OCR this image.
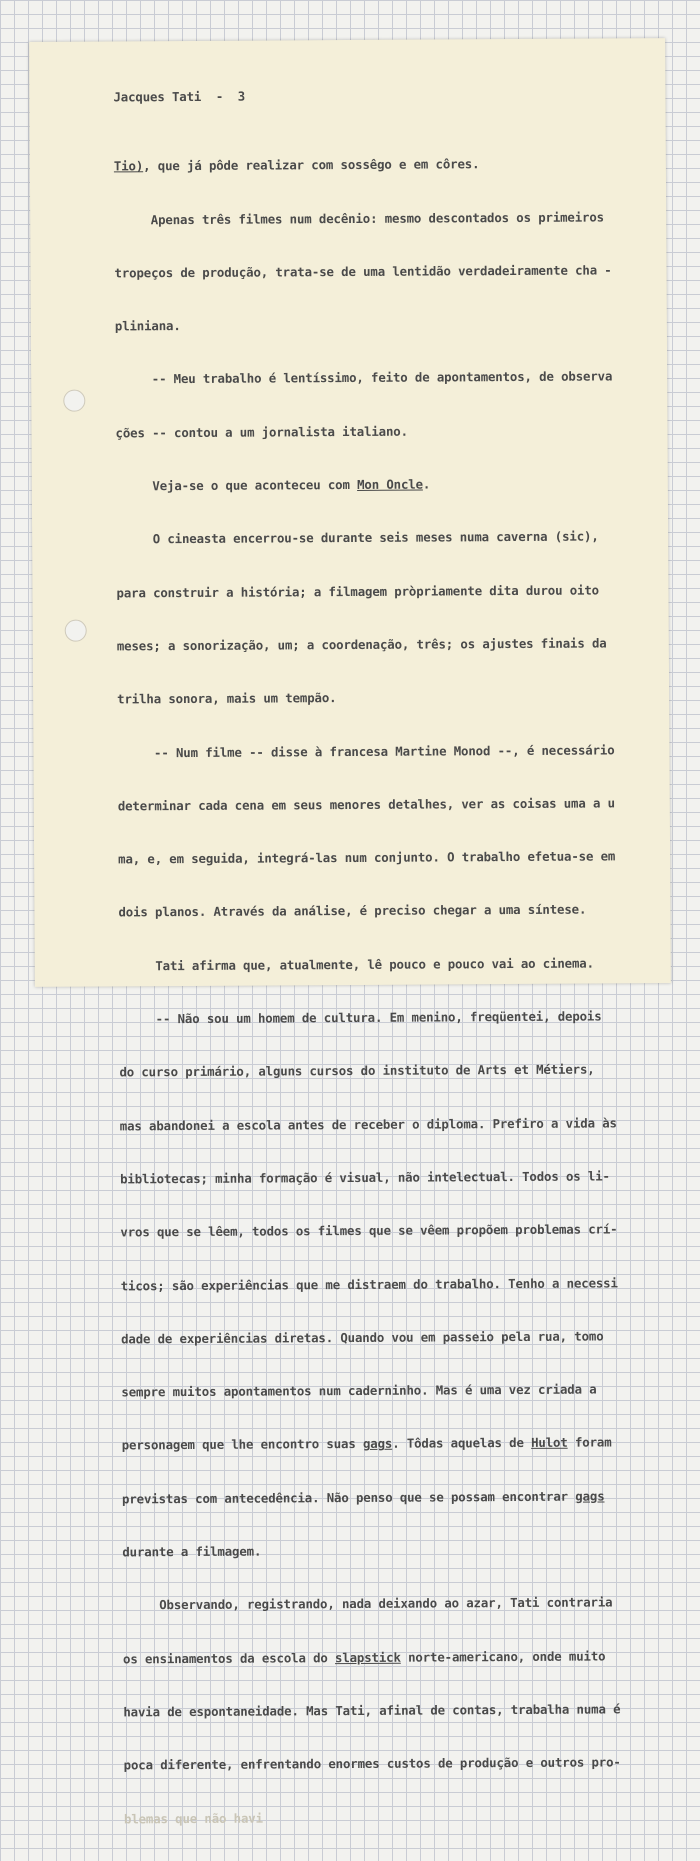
Jacques Tati  -  3

Tio), que já pôde realizar com sossêgo e em côres.

Apenas três filmes num decênio: mesmo descontados os primeiros

tropeços de produção, trata-se de uma lentidão verdadeiramente cha -

pliniana.

-- Meu trabalho é lentíssimo, feito de apontamentos, de observa

ções -- contou a um jornalista italiano.

Veja-se o que aconteceu com Mon Oncle.

O cineasta encerrou-se durante seis meses numa caverna (sic),

para construir a história; a filmagem pròpriamente dita durou oito

meses; a sonorização, um; a coordenação, três; os ajustes finais da

trilha sonora, mais um tempão.

-- Num filme -- disse à francesa Martine Monod --, é necessário

determinar cada cena em seus menores detalhes, ver as coisas uma a u

ma, e, em seguida, integrá-las num conjunto. O trabalho efetua-se em

dois planos. Através da análise, é preciso chegar a uma síntese.

Tati afirma que, atualmente, lê pouco e pouco vai ao cinema.

-- Não sou um homem de cultura. Em menino, freqüentei, depois

do curso primário, alguns cursos do instituto de Arts et Métiers,

mas abandonei a escola antes de receber o diploma. Prefiro a vida às

bibliotecas; minha formação é visual, não intelectual. Todos os li-

vros que se lêem, todos os filmes que se vêem propõem problemas crí-

ticos; são experiências que me distraem do trabalho. Tenho a necessi

dade de experiências diretas. Quando vou em passeio pela rua, tomo

sempre muitos apontamentos num caderninho. Mas é uma vez criada a

personagem que lhe encontro suas gags. Tôdas aquelas de Hulot foram

previstas com antecedência. Não penso que se possam encontrar gags

durante a filmagem.

Observando, registrando, nada deixando ao azar, Tati contraria

os ensinamentos da escola do slapstick norte-americano, onde muito

havia de espontaneidade. Mas Tati, afinal de contas, trabalha numa é

poca diferente, enfrentando enormes custos de produção e outros pro-

blemas que não havi
